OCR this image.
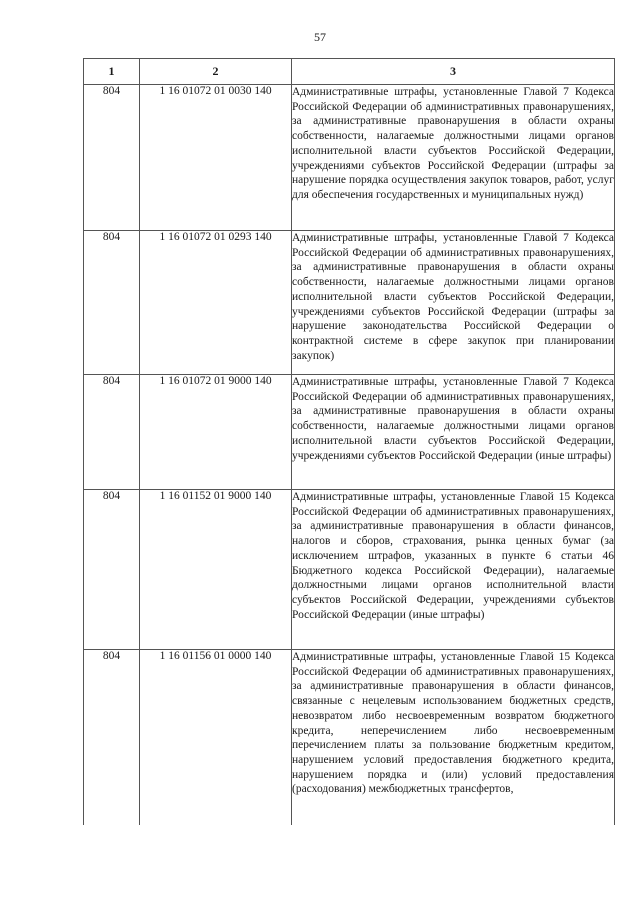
57
1	2	3
804	1 16 01072 01 0030 140	Административные штрафы, установленные Главой 7 Кодекса Российской Федерации об административных правонарушениях, за административные правонарушения в области охраны собственности, налагаемые должностными лицами органов исполнительной власти субъектов Российской Федерации, учреждениями субъектов Российской Федерации (штрафы за нарушение порядка осуществления закупок товаров, работ, услуг для обеспечения государственных и муниципальных нужд)
804	1 16 01072 01 0293 140	Административные штрафы, установленные Главой 7 Кодекса Российской Федерации об административных правонарушениях, за административные правонарушения в области охраны собственности, налагаемые должностными лицами органов исполнительной власти субъектов Российской Федерации, учреждениями субъектов Российской Федерации (штрафы за нарушение законодательства Российской Федерации о контрактной системе в сфере закупок при планировании закупок)
804	1 16 01072 01 9000 140	Административные штрафы, установленные Главой 7 Кодекса Российской Федерации об административных правонарушениях, за административные правонарушения в области охраны собственности, налагаемые должностными лицами органов исполнительной власти субъектов Российской Федерации, учреждениями субъектов Российской Федерации (иные штрафы)
804	1 16 01152 01 9000 140	Административные штрафы, установленные Главой 15 Кодекса Российской Федерации об административных правонарушениях, за административные правонарушения в области финансов, налогов и сборов, страхования, рынка ценных бумаг (за исключением штрафов, указанных в пункте 6 статьи 46 Бюджетного кодекса Российской Федерации), налагаемые должностными лицами органов исполнительной власти субъектов Российской Федерации, учреждениями субъектов Российской Федерации (иные штрафы)
804	1 16 01156 01 0000 140	Административные штрафы, установленные Главой 15 Кодекса Российской Федерации об административных правонарушениях, за административные правонарушения в области финансов, связанные с нецелевым использованием бюджетных средств, невозвратом либо несвоевременным возвратом бюджетного кредита, неперечислением либо несвоевременным перечислением платы за пользование бюджетным кредитом, нарушением условий предоставления бюджетного кредита, нарушением порядка и (или) условий предоставления (расходования) межбюджетных трансфертов,
